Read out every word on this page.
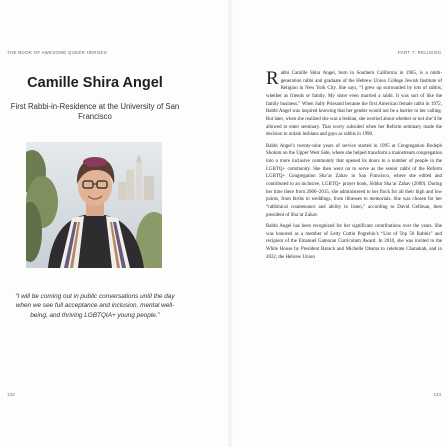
THE BOOK OF AWESOME QUEER HEROES	PART 7: RELIGION
Camille Shira Angel
First Rabbi-in-Residence at the University of San Francisco
“I will be coming out in public conversations until the day when we see full acceptance and inclusion, mental well-being, and thriving LGBTQIA+ young people.”
132

Rabbi Camille Shira Angel, born in Southern California in 1965, is a ninth-generation rabbi and graduate of the Hebrew Union College Jewish Institute of Religion in New York City. She says, “I grew up surrounded by lots of rabbis, whether as friends or family. My sister even married a rabbi. It was sort of like the family business.” When Sally Priesand became the first American female rabbi in 1972, Rabbi Angel was inspired knowing that her gender would not be a barrier to her calling. But later, when she realized she was a lesbian, she worried about whether or not she’d be allowed to enter seminary. That worry subsided when her Reform seminary made the decision to ordain lesbians and gays as rabbis in 1990.

Rabbi Angel’s twenty-nine years of service started in 1995 at Congregation Rodeph Sholom on the Upper West Side, where she helped transform a mainstream congregation into a more inclusive community that opened its doors to a number of people in the LGBTQ+ community. She then went on to serve as the senior rabbi of the Reform LGBTQ+ Congregation Sha’ar Zahav in San Francisco, where she edited and contributed to an inclusive, LGBTQ+ prayer book, Siddur Sha’ar Zahav (2009). During her time there from 2000–2015, she administered to her flock for all their high and low points, from births to weddings, from illnesses to memorials. She was chosen for her “rabbinical countenance and ability to listen,” according to David Gellman, then president of Sha’ar Zahav.

Rabbi Angel has been recognized for her significant contributions over the years. She was honored as a member of Letty Cottin Pogrebin’s “List of Top 50 Rabbis” and recipient of the Emanuel Gamoran Curriculum Award. In 2010, she was invited to the White House by President Barack and Michelle Obama to celebrate Chanukah, and in 2022, the Hebrew Union

133
